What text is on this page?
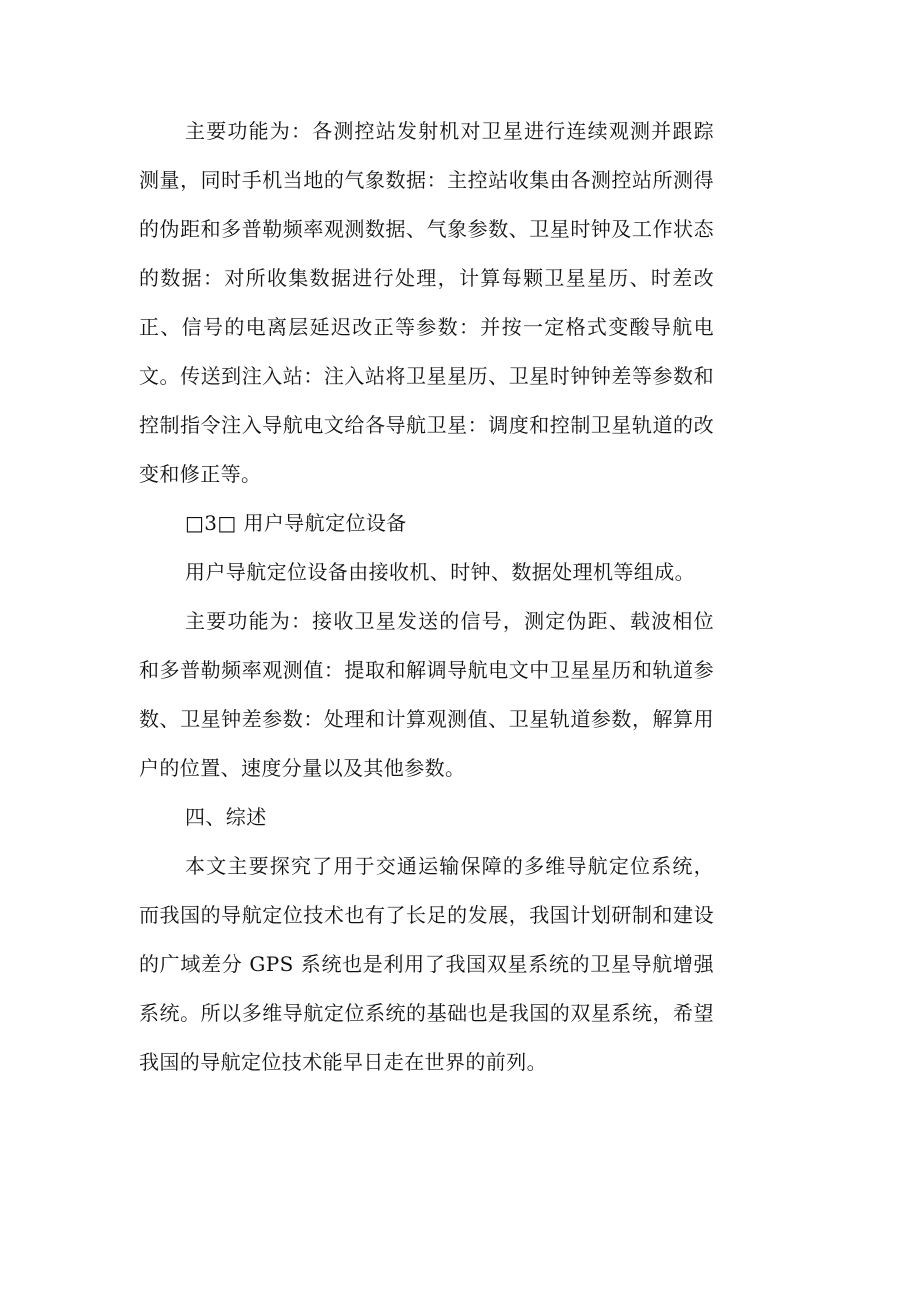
主要功能为：各测控站发射机对卫星进行连续观测并跟踪测量，同时手机当地的气象数据：主控站收集由各测控站所测得的伪距和多普勒频率观测数据、气象参数、卫星时钟及工作状态的数据：对所收集数据进行处理，计算每颗卫星星历、时差改正、信号的电离层延迟改正等参数：并按一定格式变酸导航电文。传送到注入站：注入站将卫星星历、卫星时钟钟差等参数和控制指令注入导航电文给各导航卫星：调度和控制卫星轨道的改变和修正等。

□3□ 用户导航定位设备

用户导航定位设备由接收机、时钟、数据处理机等组成。

主要功能为：接收卫星发送的信号，测定伪距、载波相位和多普勒频率观测值：提取和解调导航电文中卫星星历和轨道参数、卫星钟差参数：处理和计算观测值、卫星轨道参数，解算用户的位置、速度分量以及其他参数。

四、综述

本文主要探究了用于交通运输保障的多维导航定位系统，而我国的导航定位技术也有了长足的发展，我国计划研制和建设的广域差分 GPS 系统也是利用了我国双星系统的卫星导航增强系统。所以多维导航定位系统的基础也是我国的双星系统，希望我国的导航定位技术能早日走在世界的前列。
